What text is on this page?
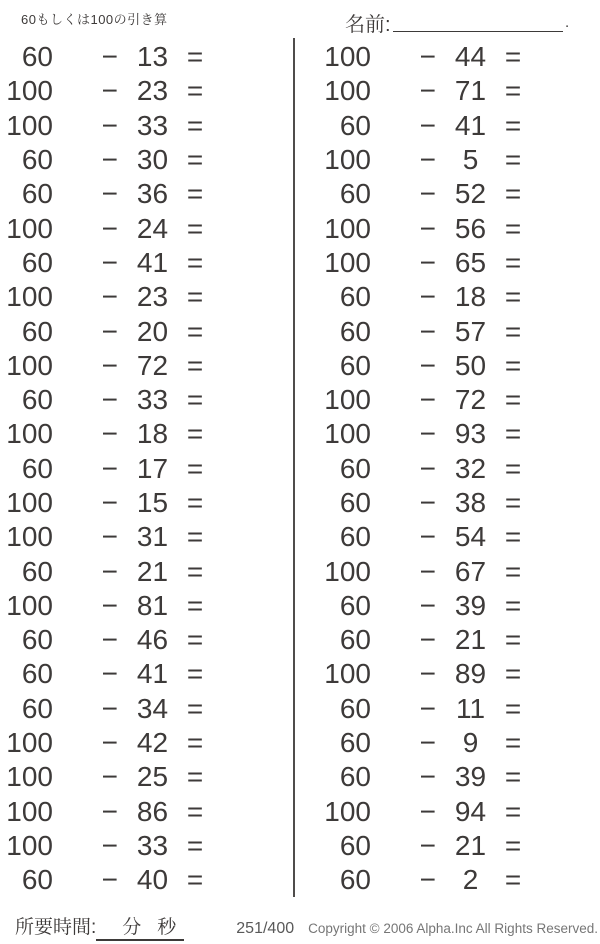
60もしくは100の引き算	名前:	.
60	− 13 =
100	− 23 =
100	− 33 =
60	− 30 =
60	− 36 =
100	− 24 =
60	− 41 =
100	− 23 =
60	− 20 =
100	− 72 =
60	− 33 =
100	− 18 =
60	− 17 =
100	− 15 =
100	− 31 =
60	− 21 =
100	− 81 =
60	− 46 =
60	− 41 =
60	− 34 =
100	− 42 =
100	− 25 =
100	− 86 =
100	− 33 =
60	− 40 =
100	− 44 =
100	− 71 =
60	− 41 =
100	− 5 =
60	− 52 =
100	− 56 =
100	− 65 =
60	− 18 =
60	− 57 =
60	− 50 =
100	− 72 =
100	− 93 =
60	− 32 =
60	− 38 =
60	− 54 =
100	− 67 =
60	− 39 =
60	− 21 =
100	− 89 =
60	− 11 =
60	− 9 =
60	− 39 =
100	− 94 =
60	− 21 =
60	− 2 =
所要時間: 分 秒	251/400 Copyright © 2006 Alpha.Inc All Rights Reserved.
